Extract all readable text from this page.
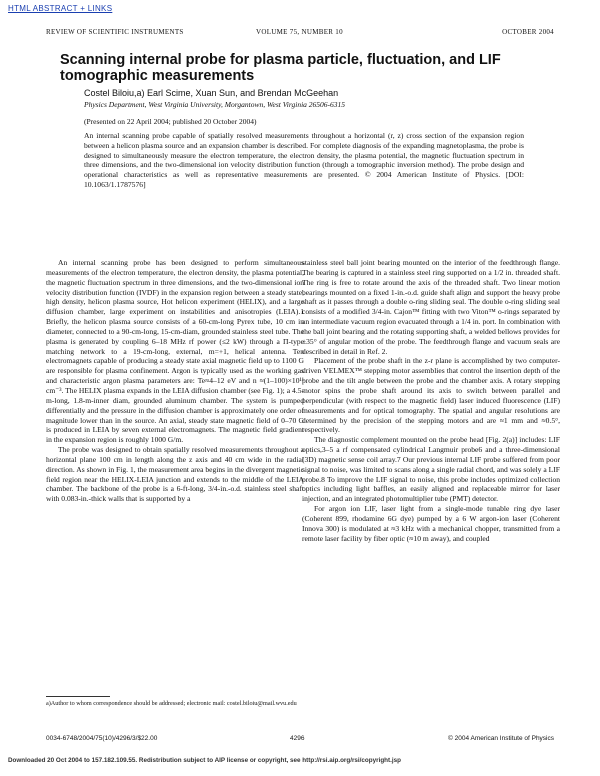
HTML ABSTRACT + LINKS
REVIEW OF SCIENTIFIC INSTRUMENTS	VOLUME 75, NUMBER 10	OCTOBER 2004
Scanning internal probe for plasma particle, fluctuation, and LIF tomographic measurements
Costel Biloiu,a) Earl Scime, Xuan Sun, and Brendan McGeehan
Physics Department, West Virginia University, Morgantown, West Virginia 26506-6315
(Presented on 22 April 2004; published 20 October 2004)
An internal scanning probe capable of spatially resolved measurements throughout a horizontal (r, z) cross section of the expansion region between a helicon plasma source and an expansion chamber is described. For complete diagnosis of the expanding magnetoplasma, the probe is designed to simultaneously measure the electron temperature, the electron density, the plasma potential, the magnetic fluctuation spectrum in three dimensions, and the two-dimensional ion velocity distribution function (through a tomographic inversion method). The probe design and operational characteristics as well as representative measurements are presented. © 2004 American Institute of Physics. [DOI: 10.1063/1.1787576]

An internal scanning probe has been designed to perform simultaneous measurements of the electron temperature, the electron density, the plasma potential, the magnetic fluctuation spectrum in three dimensions, and the two-dimensional ion velocity distribution function (IVDF) in the expansion region between a steady state, high density, helicon plasma source, Hot helicon experiment (HELIX), and a large diffusion chamber, large experiment on instabilities and anisotropies (LEIA).1 Briefly, the helicon plasma source consists of a 60-cm-long Pyrex tube, 10 cm in diameter, connected to a 90-cm-long, 15-cm-diam, grounded stainless steel tube. The plasma is generated by coupling 6–18 MHz rf power (≤2 kW) through a Π-type matching network to a 19-cm-long, external, m=+1, helical antenna. Ten electromagnets capable of producing a steady state axial magnetic field up to 1100 G are responsible for plasma confinement. Argon is typically used as the working gas and characteristic argon plasma parameters are: Te≈4–12 eV and n ≈(1–100)×10¹¹ cm⁻³. The HELIX plasma expands in the LEIA diffusion chamber (see Fig. 1); a 4.5-m-long, 1.8-m-inner diam, grounded aluminum chamber. The system is pumped differentially and the pressure in the diffusion chamber is approximately one order of magnitude lower than in the source. An axial, steady state magnetic field of 0–70 G is produced in LEIA by seven external electromagnets. The magnetic field gradient in the expansion region is roughly 1000 G/m.

The probe was designed to obtain spatially resolved measurements throughout a horizontal plane 100 cm in length along the z axis and 40 cm wide in the radial direction. As shown in Fig. 1, the measurement area begins in the divergent magnetic field region near the HELIX-LEIA junction and extends to the middle of the LEIA chamber. The backbone of the probe is a 6-ft-long, 3/4-in.-o.d. stainless steel shaft with 0.083-in.-thick walls that is supported by a

stainless steel ball joint bearing mounted on the interior of the feedthrough flange. The bearing is captured in a stainless steel ring supported on a 1/2 in. threaded shaft. The ring is free to rotate around the axis of the threaded shaft. Two linear motion bearings mounted on a fixed 1-in.-o.d. guide shaft align and support the heavy probe shaft as it passes through a double o-ring sliding seal. The double o-ring sliding seal consists of a modified 3/4-in. Cajon™ fitting with two Viton™ o-rings separated by an intermediate vacuum region evacuated through a 1/4 in. port. In combination with the ball joint bearing and the rotating supporting shaft, a welded bellows provides for ±35° of angular motion of the probe. The feedthrough flange and vacuum seals are described in detail in Ref. 2.

Placement of the probe shaft in the z-r plane is accomplished by two computer-driven VELMEX™ stepping motor assemblies that control the insertion depth of the probe and the tilt angle between the probe and the chamber axis. A rotary stepping motor spins the probe shaft around its axis to switch between parallel and perpendicular (with respect to the magnetic field) laser induced fluorescence (LIF) measurements and for optical tomography. The spatial and angular resolutions are determined by the precision of the stepping motors and are ≈1 mm and ≈0.5°, respectively.

The diagnostic complement mounted on the probe head [Fig. 2(a)] includes: LIF optics,3–5 a rf compensated cylindrical Langmuir probe6 and a three-dimensional (3D) magnetic sense coil array.7 Our previous internal LIF probe suffered from poor signal to noise, was limited to scans along a single radial chord, and was solely a LIF probe.8 To improve the LIF signal to noise, this probe includes optimized collection optics including light baffles, an easily aligned and replaceable mirror for laser injection, and an integrated photomultiplier tube (PMT) detector.

For argon ion LIF, laser light from a single-mode tunable ring dye laser (Coherent 899, rhodamine 6G dye) pumped by a 6 W argon-ion laser (Coherent Innova 300) is modulated at ≈3 kHz with a mechanical chopper, transmitted from a remote laser facility by fiber optic (≈10 m away), and coupled

a)Author to whom correspondence should be addressed; electronic mail: costel.biloiu@mail.wvu.edu
0034-6748/2004/75(10)/4296/3/$22.00	4296	© 2004 American Institute of Physics
Downloaded 20 Oct 2004 to 157.182.109.55. Redistribution subject to AIP license or copyright, see http://rsi.aip.org/rsi/copyright.jsp
